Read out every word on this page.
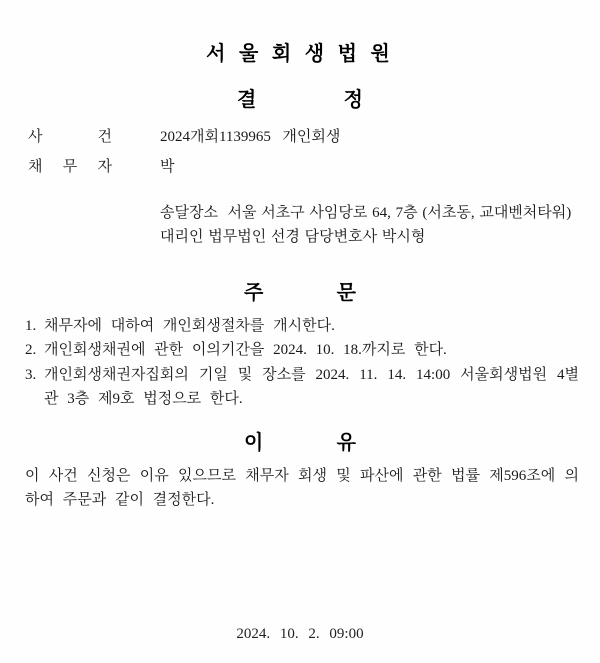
서 울 회 생 법 원
결 정
사 건	2024개회1139965  개인회생
채 무 자	박
송달장소  서울 서초구 사임당로 64, 7층 (서초동, 교대벤처타워)
대리인 법무법인 선경 담당변호사 박시형
주 문
1. 채무자에 대하여 개인회생절차를 개시한다.
2. 개인회생채권에 관한 이의기간을 2024. 10. 18.까지로 한다.
3. 개인회생채권자집회의 기일 및 장소를 2024. 11. 14. 14:00 서울회생법원 4별관 3층 제9호 법정으로 한다.
이 유
이 사건 신청은 이유 있으므로 채무자 회생 및 파산에 관한 법률 제596조에 의하여 주문과 같이 결정한다.
2024. 10. 2. 09:00
